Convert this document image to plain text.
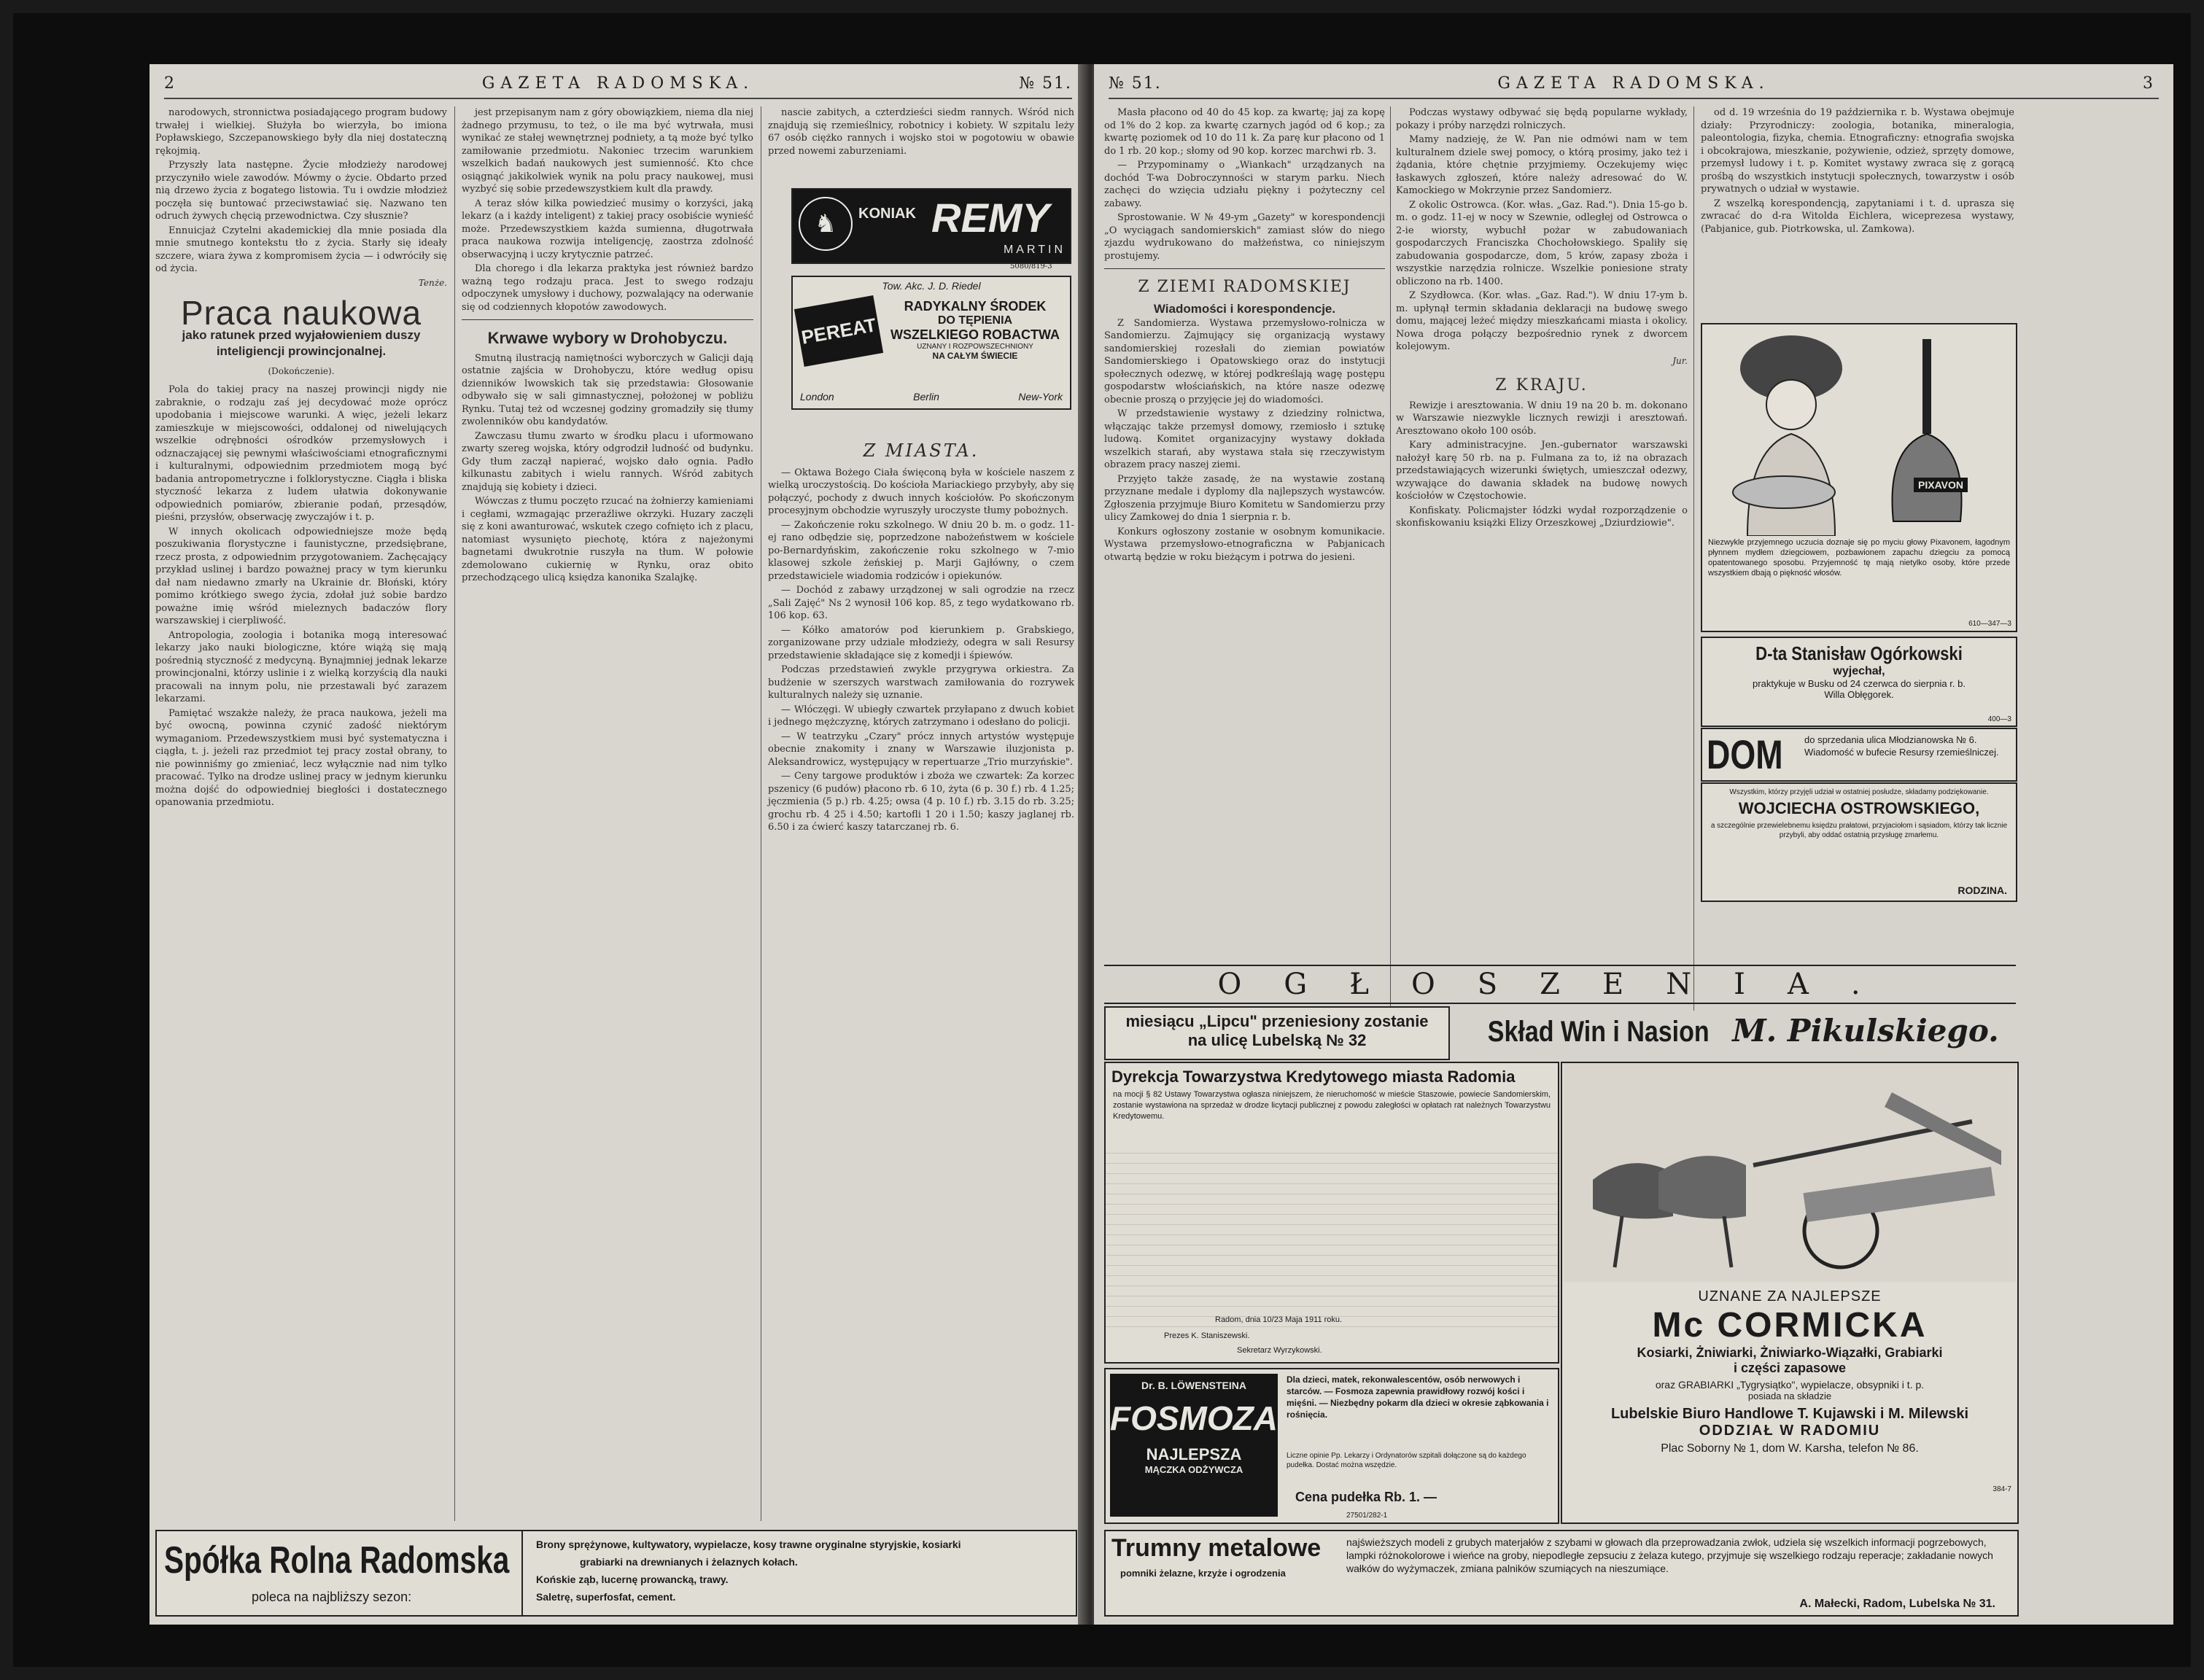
2	GAZETA RADOMSKA.	№ 51.

narodowych, stronnictwa posiadającego program budowy trwałej i wielkiej. Służyła bo wierzyła, bo imiona Popławskiego, Szczepanowskiego były dla niej dostateczną rękojmią.

Przyszły lata następne. Życie młodzieży narodowej przyczyniło wiele zawodów. Mówmy o życie. Obdarto przed nią drzewo życia z bogatego listowia. Tu i owdzie młodzież poczęła się buntować przeciwstawiać się. Nazwano ten odruch żywych chęcią przewodnictwa. Czy słusznie?

Ennuicjaż Czytelni akademickiej dla mnie posiada dla mnie smutnego kontekstu tło z życia. Starły się ideały szczere, wiara żywa z kompromisem życia — i odwróciły się od życia.

Tenże.
Praca naukowa
jako ratunek przed wyjałowieniem duszy inteligiencji prowincjonalnej.
(Dokończenie).

Pola do takiej pracy na naszej prowincji nigdy nie zabraknie, o rodzaju zaś jej decydować może oprócz upodobania i miejscowe warunki. A więc, jeżeli lekarz zamieszkuje w miejscowości, oddalonej od niwelujących wszelkie odrębności ośrodków przemysłowych i odznaczającej się pewnymi właściwościami etnograficznymi i kulturalnymi, odpowiednim przedmiotem mogą być badania antropometryczne i folklorystyczne. Ciągła i bliska styczność lekarza z ludem ułatwia dokonywanie odpowiednich pomiarów, zbieranie podań, przesądów, pieśni, przysłów, obserwację zwyczajów i t. p.

W innych okolicach odpowiedniejsze może będą poszukiwania florystyczne i faunistyczne, przedsiębrane, rzecz prosta, z odpowiednim przygotowaniem. Zachęcający przykład uslinej i bardzo poważnej pracy w tym kierunku dał nam niedawno zmarły na Ukrainie dr. Błoński, który pomimo krótkiego swego życia, zdołał już sobie bardzo poważne imię wśród mieleznych badaczów flory warszawskiej i cierpliwość.

Antropologia, zoologia i botanika mogą interesować lekarzy jako nauki biologiczne, które wiążą się mają pośrednią styczność z medycyną. Bynajmniej jednak lekarze prowincjonalni, którzy uslinie i z wielką korzyścią dla nauki pracowali na innym polu, nie przestawali być zarazem lekarzami.

Pamiętać wszakże należy, że praca naukowa, jeżeli ma być owocną, powinna czynić zadość niektórym wymaganiom. Przedewszystkiem musi być systematyczna i ciągła, t. j. jeżeli raz przedmiot tej pracy został obrany, to nie powinniśmy go zmieniać, lecz wyłącznie nad nim tylko pracować. Tylko na drodze uslinej pracy w jednym kierunku można dojść do odpowiedniej biegłości i dostatecznego opanowania przedmiotu.

jest przepisanym nam z góry obowiązkiem, niema dla niej żadnego przymusu, to też, o ile ma być wytrwała, musi wynikać ze stałej wewnętrznej podniety, a tą może być tylko zamiłowanie przedmiotu. Nakoniec trzecim warunkiem wszelkich badań naukowych jest sumienność. Kto chce osiągnąć jakikolwiek wynik na polu pracy naukowej, musi wyzbyć się sobie przedewszystkiem kult dla prawdy.

A teraz słów kilka powiedzieć musimy o korzyści, jaką lekarz (a i każdy inteligent) z takiej pracy osobiście wynieść może. Przedewszystkiem każda sumienna, długotrwała praca naukowa rozwija inteligencję, zaostrza zdolność obserwacyjną i uczy krytycznie patrzeć.

Dla chorego i dla lekarza praktyka jest również bardzo ważną tego rodzaju praca. Jest to swego rodzaju odpoczynek umysłowy i duchowy, pozwalający na oderwanie się od codziennych kłopotów zawodowych.

Krwawe wybory w Drohobyczu.

Smutną ilustracją namiętności wyborczych w Galicji dają ostatnie zajścia w Drohobyczu, które według opisu dzienników lwowskich tak się przedstawia: Głosowanie odbywało się w sali gimnastycznej, położonej w pobliżu Rynku. Tutaj też od wczesnej godziny gromadziły się tłumy zwolenników obu kandydatów.

Zawczasu tłumu zwarto w środku placu i uformowano zwarty szereg wojska, który odgrodził ludność od budynku. Gdy tłum zaczął napierać, wojsko dało ognia. Padło kilkunastu zabitych i wielu rannych. Wśród zabitych znajdują się kobiety i dzieci.

Wówczas z tłumu poczęto rzucać na żołnierzy kamieniami i cegłami, wzmagając przeraźliwe okrzyki. Huzary zaczęli się z koni awanturować, wskutek czego cofnięto ich z placu, natomiast wysunięto piechotę, która z najeżonymi bagnetami dwukrotnie ruszyła na tłum. W połowie zdemolowano cukiernię w Rynku, oraz obito przechodzącego ulicą księdza kanonika Szalajkę.

nascie zabitych, a czterdzieści siedm rannych. Wśród nich znajdują się rzemieślnicy, robotnicy i kobiety. W szpitalu leży 67 osób ciężko rannych i wojsko stoi w pogotowiu w obawie przed nowemi zaburzeniami.

Z MIASTA.

— Oktawa Bożego Ciała święconą była w kościele naszem z wielką uroczystością. Do kościoła Mariackiego przybyły, aby się połączyć, pochody z dwuch innych kościołów. Po skończonym procesyjnym obchodzie wyruszyły uroczyste tłumy pobożnych.

— Zakończenie roku szkolnego. W dniu 20 b. m. o godz. 11-ej rano odbędzie się, poprzedzone nabożeństwem w kościele po-Bernardyńskim, zakończenie roku szkolnego w 7-mio klasowej szkole żeńskiej p. Marji Gajłówny, o czem przedstawiciele wiadomia rodziców i opiekunów.

— Dochód z zabawy urządzonej w sali ogrodzie na rzecz „Sali Zajęć" Ns 2 wynosił 106 kop. 85, z tego wydatkowano rb. 106 kop. 63.

— Kółko amatorów pod kierunkiem p. Grabskiego, zorganizowane przy udziale młodzieży, odegra w sali Resursy przedstawienie składające się z komedji i śpiewów.

Podczas przedstawień zwykle przygrywa orkiestra. Za budżenie w szerszych warstwach zamiłowania do rozrywek kulturalnych należy się uznanie.

— Włóczęgi. W ubiegły czwartek przyłapano z dwuch kobiet i jednego mężczyznę, których zatrzymano i odesłano do policji.

— W teatrzyku „Czary" prócz innych artystów występuje obecnie znakomity i znany w Warszawie iluzjonista p. Aleksandrowicz, występujący w repertuarze „Trio murzyńskie".

— Ceny targowe produktów i zboża we czwartek: Za korzec pszenicy (6 pudów) płacono rb. 6 10, żyta (6 p. 30 f.) rb. 4 1.25; jęczmienia (5 p.) rb. 4.25; owsa (4 p. 10 f.) rb. 3.15 do rb. 3.25; grochu rb. 4 25 i 4.50; kartofli 1 20 i 1.50; kaszy jaglanej rb. 6.50 i za ćwierć kaszy tatarczanej rb. 6.

♞	KONIAK REMY
MARTIN
5080/819-3
Tow. Akc. J. D. Riedel
PEREAT
RADYKALNY ŚRODEK
DO TĘPIENIA
WSZELKIEGO ROBACTWA
UZNANY I ROZPOWSZECHNIONY
NA CAŁYM ŚWIECIE
London	Berlin	New-York
Spółka Rolna Radomska
poleca na najbliższy sezon:
Brony sprężynowe, kultywatory, wypielacze, kosy trawne oryginalne styryjskie, kosiarki
grabiarki na drewnianych i żelaznych kołach.
Końskie ząb, lucernę prowancką, trawy.
Saletrę, superfosfat, cement.
№ 51.	GAZETA RADOMSKA.	3

Masła płacono od 40 do 45 kop. za kwartę; jaj za kopę od 1% do 2 kop. za kwartę czarnych jagód od 6 kop.; za kwartę poziomek od 10 do 11 k. Za parę kur płacono od 1 do 1 rb. 20 kop.; słomy od 90 kop. korzec marchwi rb. 3.

— Przypominamy o „Wiankach" urządzanych na dochód T-wa Dobroczynności w starym parku. Niech zachęci do wzięcia udziału piękny i pożyteczny cel zabawy.

Sprostowanie. W № 49-ym „Gazety" w korespondencji „O wyciągach sandomierskich" zamiast słów do niego zjazdu wydrukowano do małżeństwa, co niniejszym prostujemy.

Z ZIEMI RADOMSKIEJ
Wiadomości i korespondencje.

Z Sandomierza. Wystawa przemysłowo-rolnicza w Sandomierzu. Zajmujący się organizacją wystawy sandomierskiej rozesłali do ziemian powiatów Sandomierskiego i Opatowskiego oraz do instytucji społecznych odezwę, w której podkreślają wagę postępu gospodarstw włościańskich, na które nasze odezwę obecnie proszą o przyjęcie jej do wiadomości.

W przedstawienie wystawy z dziedziny rolnictwa, włączając także przemysł domowy, rzemiosło i sztukę ludową. Komitet organizacyjny wystawy dokłada wszelkich starań, aby wystawa stała się rzeczywistym obrazem pracy naszej ziemi.

Przyjęto także zasadę, że na wystawie zostaną przyznane medale i dyplomy dla najlepszych wystawców. Zgłoszenia przyjmuje Biuro Komitetu w Sandomierzu przy ulicy Zamkowej do dnia 1 sierpnia r. b.

Konkurs ogłoszony zostanie w osobnym komunikacie. Wystawa przemysłowo-etnograficzna w Pabjanicach otwartą będzie w roku bieżącym i potrwa do jesieni.

Podczas wystawy odbywać się będą popularne wykłady, pokazy i próby narzędzi rolniczych.

Mamy nadzieję, że W. Pan nie odmówi nam w tem kulturalnem dziele swej pomocy, o którą prosimy, jako też i żądania, które chętnie przyjmiemy. Oczekujemy więc łaskawych zgłoszeń, które należy adresować do W. Kamockiego w Mokrzynie przez Sandomierz.

Z okolic Ostrowca. (Kor. włas. „Gaz. Rad."). Dnia 15-go b. m. o godz. 11-ej w nocy w Szewnie, odległej od Ostrowca o 2-ie wiorsty, wybuchł pożar w zabudowaniach gospodarczych Franciszka Chochołowskiego. Spaliły się zabudowania gospodarcze, dom, 5 krów, zapasy zboża i wszystkie narzędzia rolnicze. Wszelkie poniesione straty obliczono na rb. 1400.

Z Szydłowca. (Kor. włas. „Gaz. Rad."). W dniu 17-ym b. m. upłynął termin składania deklaracji na budowę swego domu, mającej leżeć między mieszkańcami miasta i okolicy. Nowa droga połączy bezpośrednio rynek z dworcem kolejowym.

Jur.
Z KRAJU.

Rewizje i aresztowania. W dniu 19 na 20 b. m. dokonano w Warszawie niezwykle licznych rewizji i aresztowań. Aresztowano około 100 osób.

Kary administracyjne. Jen.-gubernator warszawski nałożył karę 50 rb. na p. Fulmana za to, iż na obrazach przedstawiających wizerunki świętych, umieszczał odezwy, wzywające do dawania składek na budowę nowych kościołów w Częstochowie.

Konfiskaty. Policmajster łódzki wydał rozporządzenie o skonfiskowaniu książki Elizy Orzeszkowej „Dziurdziowie".

od d. 19 września do 19 października r. b. Wystawa obejmuje działy: Przyrodniczy: zoologia, botanika, mineralogia, paleontologia, fizyka, chemia. Etnograficzny: etnografia swojska i obcokrajowa, mieszkanie, pożywienie, odzież, sprzęty domowe, przemysł ludowy i t. p. Komitet wystawy zwraca się z gorącą prośbą do wszystkich instytucji społecznych, towarzystw i osób prywatnych o udział w wystawie.

Z wszelką korespondencją, zapytaniami i t. d. uprasza się zwracać do d-ra Witolda Eichlera, wiceprezesa wystawy, (Pabjanice, gub. Piotrkowska, ul. Zamkowa).

PIXAVON
Niezwykle przyjemnego uczucia doznaje się po myciu głowy Pixavonem, łagodnym płynnem mydłem dziegciowem, pozbawionem zapachu dziegciu za pomocą opatentowanego sposobu. Przyjemność tę mają nietylko osoby, które przede wszystkiem dbają o piękność włosów.
610—347—3
D-ta Stanisław Ogórkowski
wyjechał,
praktykuje w Busku od 24 czerwca do sierpnia r. b.
Willa Obłęgorek.
400—3
DOM do sprzedania ulica Młodzianowska № 6. Wiadomość w bufecie Resursy rzemieślniczej.
Wszystkim, którzy przyjęli udział w ostatniej posłudze, składamy podziękowanie.
WOJCIECHA OSTROWSKIEGO,
a szczególnie przewielebnemu księdzu prałatowi, przyjaciołom i sąsiadom, którzy tak licznie przybyli, aby oddać ostatnią przysługę zmarłemu.
RODZINA.
OGŁOSZENIA.
miesiącu „Lipcu" przeniesiony zostanie
na ulicę Lubelską № 32	Skład Win i Nasion M. Pikulskiego.
Dyrekcja Towarzystwa Kredytowego miasta Radomia
na mocji § 82 Ustawy Towarzystwa ogłasza niniejszem, że nieruchomość w mieście Staszowie, powiecie Sandomierskim, zostanie wystawiona na sprzedaż w drodze licytacji publicznej z powodu zaległości w opłatach rat należnych Towarzystwu Kredytowemu.
Radom, dnia 10/23 Maja 1911 roku.
Prezes K. Staniszewski.
Sekretarz Wyrzykowski.
Dr. B. LÖWENSTEINA
FOSMOZA
NAJLEPSZA
MĄCZKA ODŻYWCZA
Dla dzieci, matek, rekonwalescentów, osób nerwowych i starców. — Fosmoza zapewnia prawidłowy rozwój kości i mięśni. — Niezbędny pokarm dla dzieci w okresie ząbkowania i rośnięcia.
Liczne opinie Pp. Lekarzy i Ordynatorów szpitali dołączone są do każdego pudełka. Dostać można wszędzie.
Cena pudełka Rb. 1. —
27501/282-1
UZNANE ZA NAJLEPSZE
Mc CORMICKA
Kosiarki, Żniwiarki, Żniwiarko-Wiązałki, Grabiarki
i części zapasowe
oraz GRABIARKI „Tygrysiątko", wypielacze, obsypniki i t. p.
posiada na składzie
Lubelskie Biuro Handlowe T. Kujawski i M. Milewski
ODDZIAŁ W RADOMIU
Plac Soborny № 1, dom W. Karsha, telefon № 86.
384-7
Trumny metalowe
pomniki żelazne, krzyże i ogrodzenia
najświeższych modeli z grubych materjałów z szybami w głowach dla przeprowadzania zwłok, udziela się wszelkich informacji pogrzebowych, lampki różnokolorowe i wieńce na groby, niepodległe zepsuciu z żelaza kutego, przyjmuje się wszelkiego rodzaju reperacje; zakładanie nowych wałków do wyżymaczek, zmiana palników szumiących na nieszumiące.
A. Małecki, Radom, Lubelska № 31.
